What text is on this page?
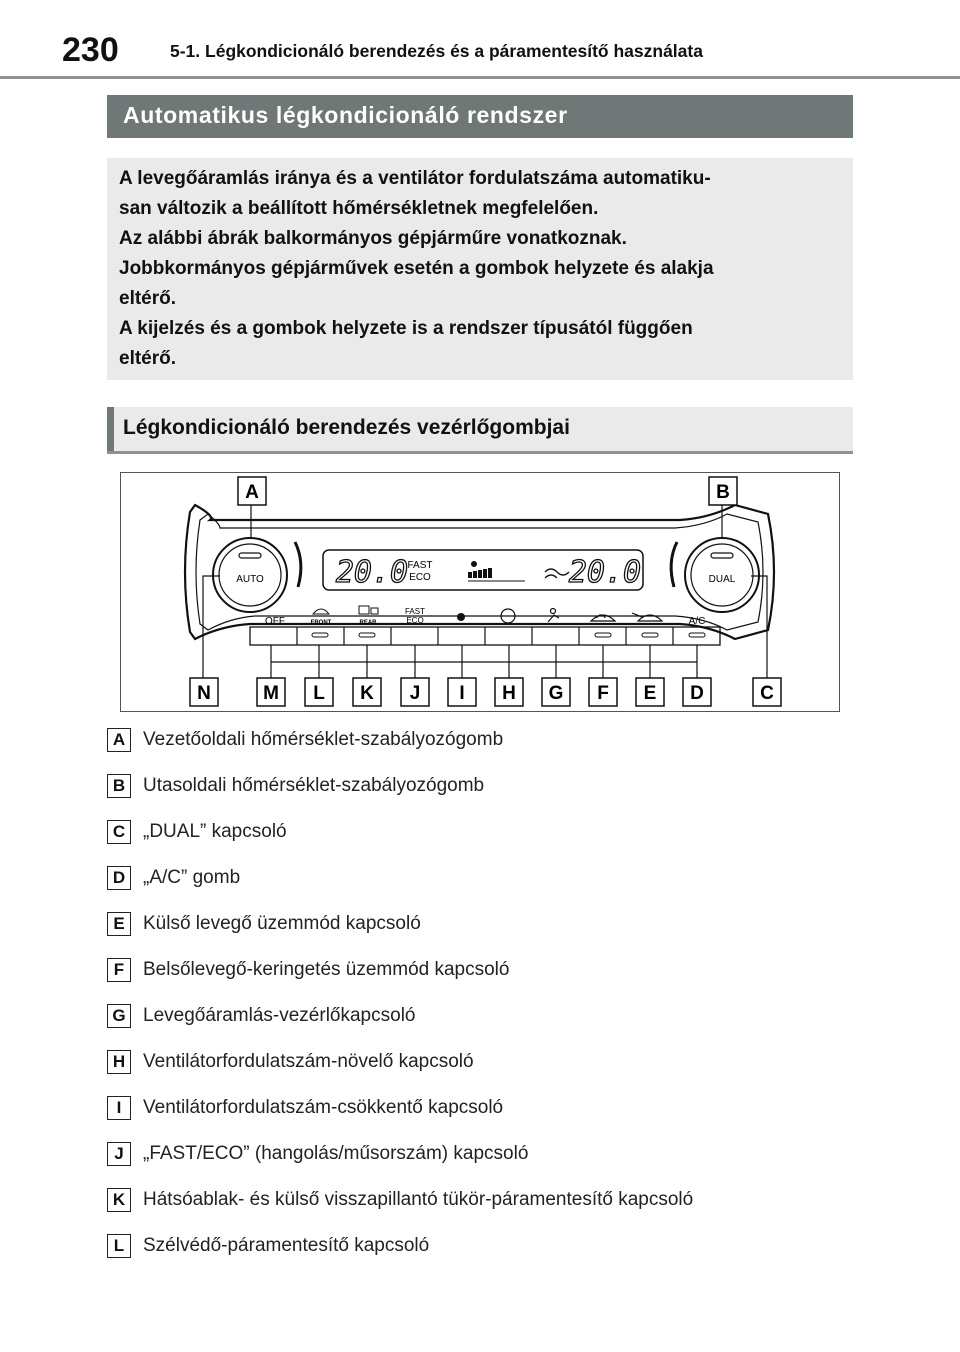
230	5-1. Légkondicionáló berendezés és a páramentesítő használata
Automatikus légkondicionáló rendszer
A levegőáramlás iránya és a ventilátor fordulatszáma automatiku-
san változik a beállított hőmérsékletnek megfelelően.
Az alábbi ábrák balkormányos gépjárműre vonatkoznak.
Jobbkormányos gépjárművek esetén a gombok helyzete és alakja
eltérő.
A kijelzés és a gombok helyzete is a rendszer típusától függően
eltérő.
Légkondicionáló berendezés vezérlőgombjai
AUTO	DUAL
20.0 FAST
ECO	20.0
OFF	FRONT	REAR
FAST
ECO	A/C
A	B
N	M L K J I H G F E D	C
A Vezetőoldali hőmérséklet-szabályozógomb
B Utasoldali hőmérséklet-szabályozógomb
C „DUAL” kapcsoló
D „A/C” gomb
E Külső levegő üzemmód kapcsoló
F Belsőlevegő-keringetés üzemmód kapcsoló
G Levegőáramlás-vezérlőkapcsoló
H Ventilátorfordulatszám-növelő kapcsoló
I	Ventilátorfordulatszám-csökkentő kapcsoló
J	„FAST/ECO” (hangolás/műsorszám) kapcsoló
K Hátsóablak- és külső visszapillantó tükör-páramentesítő kapcsoló
L Szélvédő-páramentesítő kapcsoló
